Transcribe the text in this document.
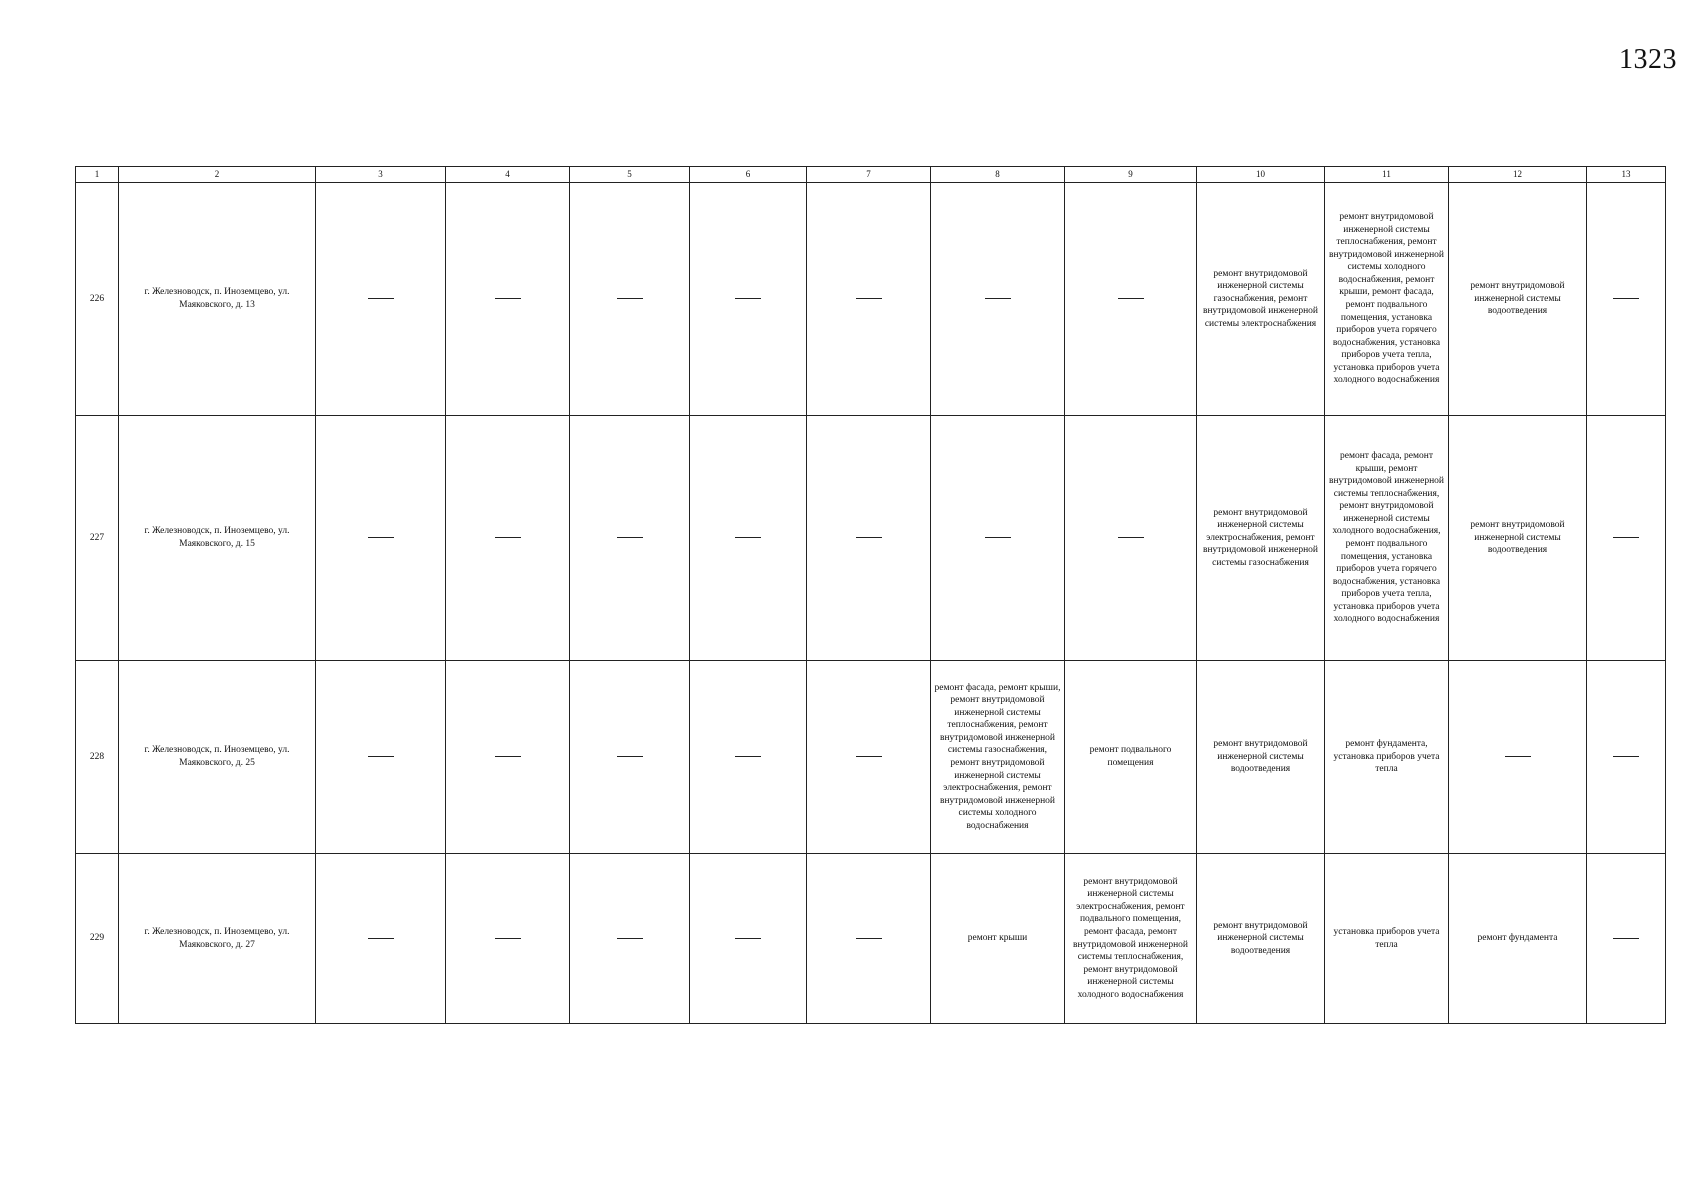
1323
1	2	3	4	5	6	7	8	9	10	11	12	13
226	г. Железноводск, п. Иноземцево, ул. Маяковского, д. 13								ремонт внутридомовой инженерной системы газоснабжения, ремонт внутридомовой инженерной системы электроснабжения	ремонт внутридомовой инженерной системы теплоснабжения, ремонт внутридомовой инженерной системы холодного водоснабжения, ремонт крыши, ремонт фасада, ремонт подвального помещения, установка приборов учета горячего водоснабжения, установка приборов учета тепла, установка приборов учета холодного водоснабжения	ремонт внутридомовой инженерной системы водоотведения	
227	г. Железноводск, п. Иноземцево, ул. Маяковского, д. 15								ремонт внутридомовой инженерной системы электроснабжения, ремонт внутридомовой инженерной системы газоснабжения	ремонт фасада, ремонт крыши, ремонт внутридомовой инженерной системы теплоснабжения, ремонт внутридомовой инженерной системы холодного водоснабжения, ремонт подвального помещения, установка приборов учета горячего водоснабжения, установка приборов учета тепла, установка приборов учета холодного водоснабжения	ремонт внутридомовой инженерной системы водоотведения	
228	г. Железноводск, п. Иноземцево, ул. Маяковского, д. 25						ремонт фасада, ремонт крыши, ремонт внутридомовой инженерной системы теплоснабжения, ремонт внутридомовой инженерной системы газоснабжения, ремонт внутридомовой инженерной системы электроснабжения, ремонт внутридомовой инженерной системы холодного водоснабжения	ремонт подвального помещения	ремонт внутридомовой инженерной системы водоотведения	ремонт фундамента, установка приборов учета тепла		
229	г. Железноводск, п. Иноземцево, ул. Маяковского, д. 27						ремонт крыши	ремонт внутридомовой инженерной системы электроснабжения, ремонт подвального помещения, ремонт фасада, ремонт внутридомовой инженерной системы теплоснабжения, ремонт внутридомовой инженерной системы холодного водоснабжения	ремонт внутридомовой инженерной системы водоотведения	установка приборов учета тепла	ремонт фундамента	
